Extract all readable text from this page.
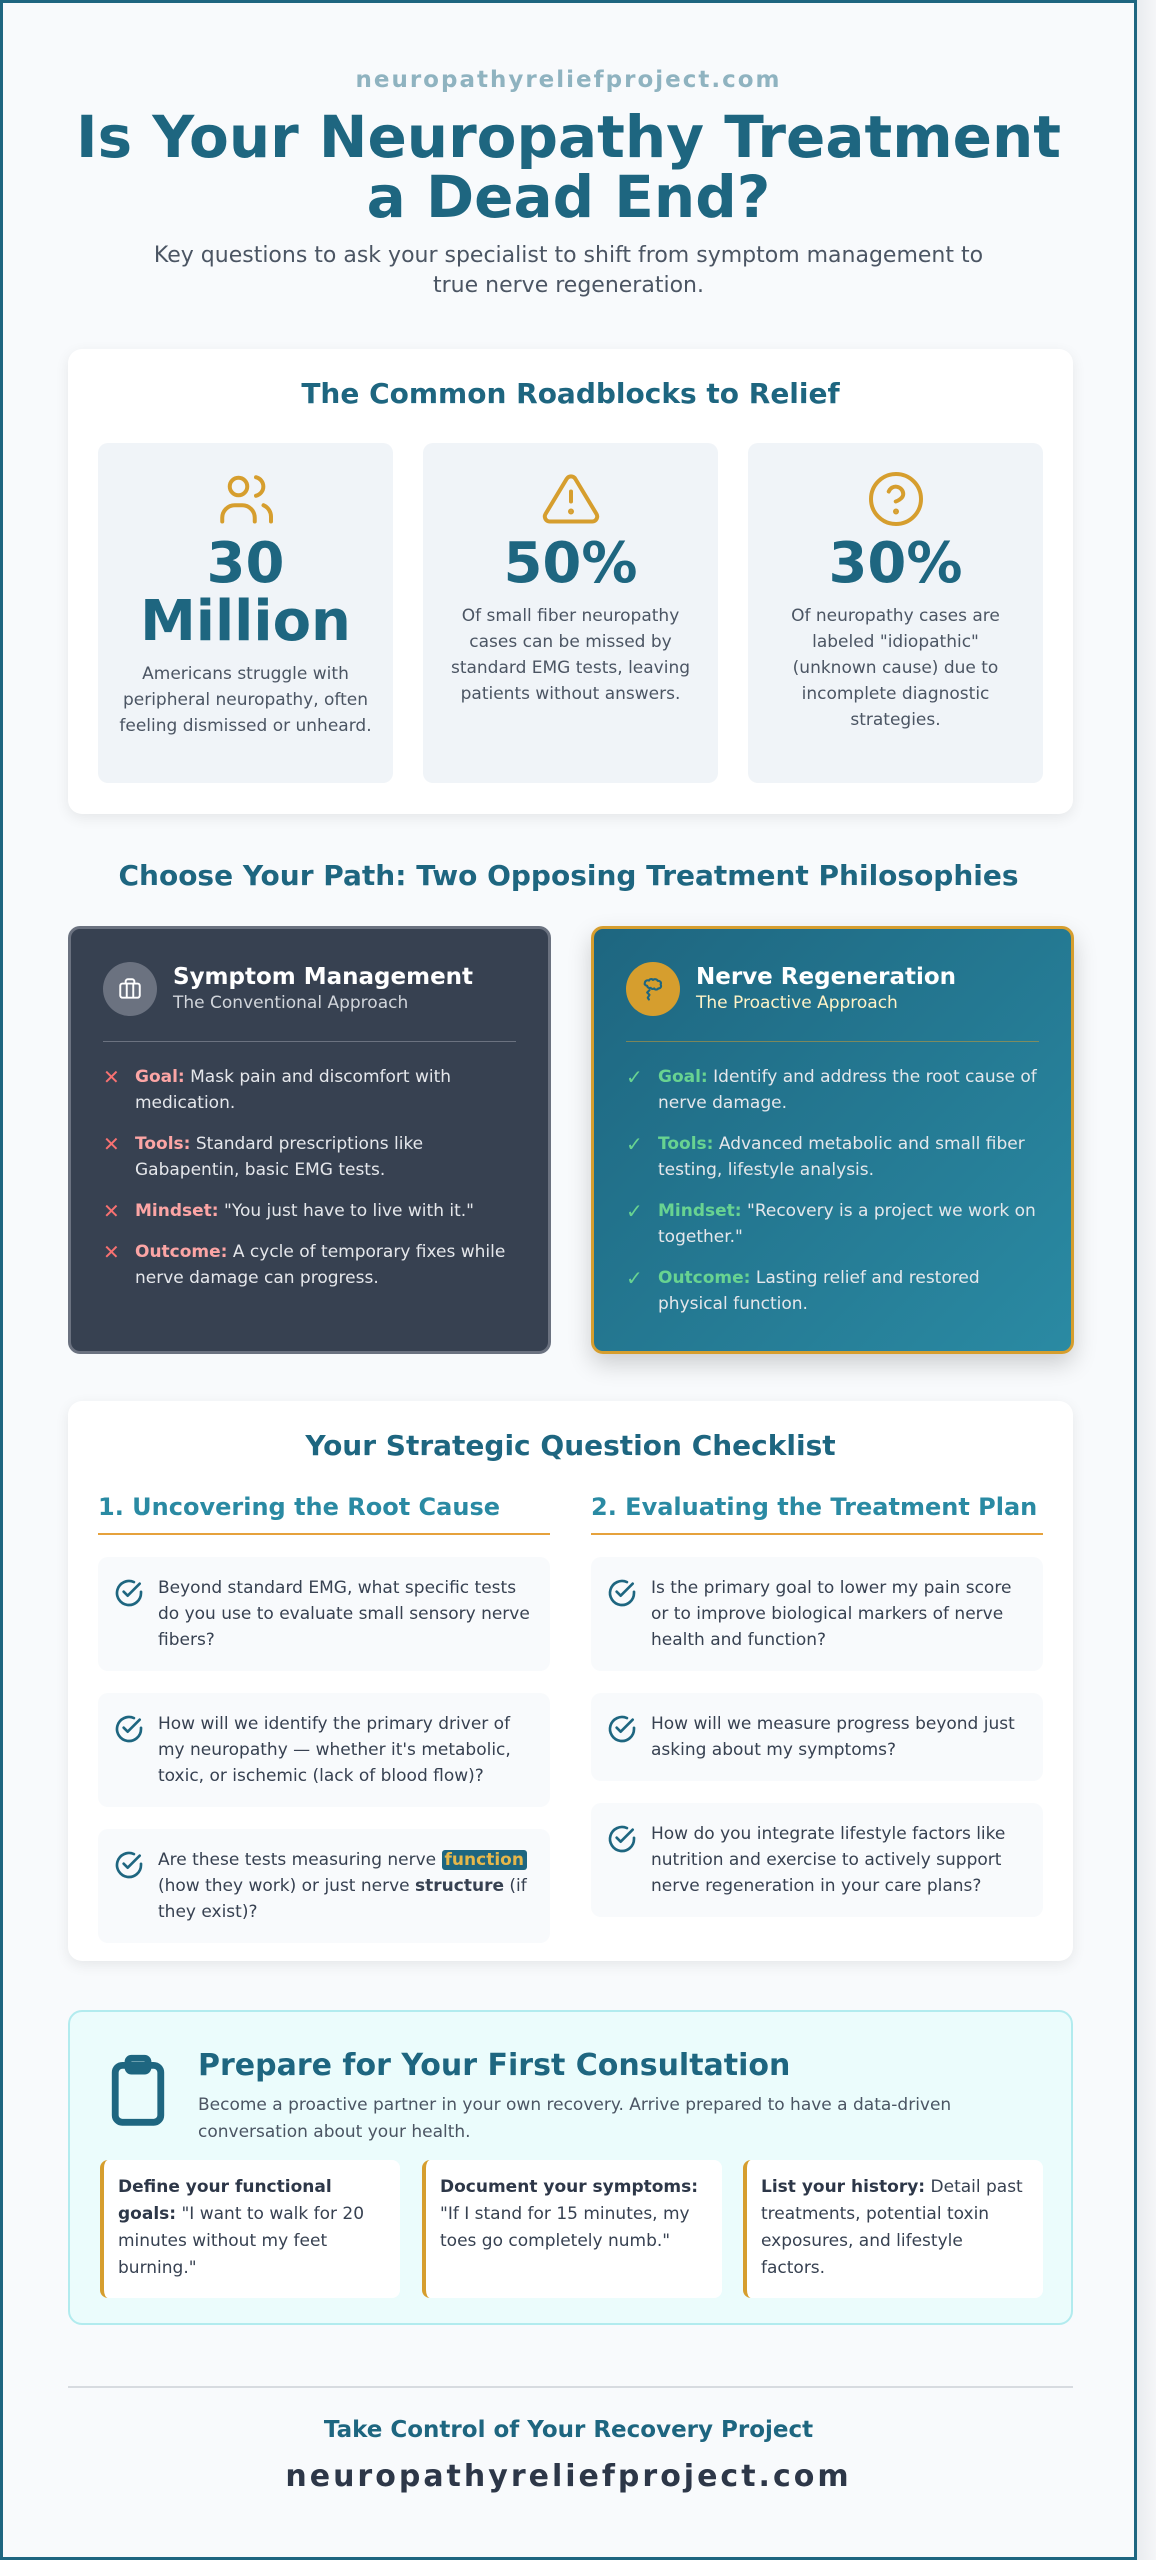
neuropathyreliefproject.com
Is Your Neuropathy Treatment
a Dead End?

Key questions to ask your specialist to shift from symptom management to true nerve regeneration.

The Common Roadblocks to Relief
30
Million

Americans struggle with peripheral neuropathy, often feeling dismissed or unheard.

50%

Of small fiber neuropathy cases can be missed by standard EMG tests, leaving patients without answers.

30%

Of neuropathy cases are labeled "idiopathic" (unknown cause) due to incomplete diagnostic strategies.

Choose Your Path: Two Opposing Treatment Philosophies
Symptom Management
The Conventional Approach
✕ Goal: Mask pain and discomfort with medication.
✕ Tools: Standard prescriptions like Gabapentin, basic EMG tests.
✕ Mindset: "You just have to live with it."
✕ Outcome: A cycle of temporary fixes while nerve damage can progress.
Nerve Regeneration
The Proactive Approach
✓ Goal: Identify and address the root cause of nerve damage.
✓ Tools: Advanced metabolic and small fiber testing, lifestyle analysis.
✓ Mindset: "Recovery is a project we work on together."
✓ Outcome: Lasting relief and restored physical function.
Your Strategic Question Checklist
1. Uncovering the Root Cause
Beyond standard EMG, what specific tests do you use to evaluate small sensory nerve fibers?
How will we identify the primary driver of my neuropathy — whether it's metabolic, toxic, or ischemic (lack of blood flow)?
Are these tests measuring nerve function (how they work) or just nerve structure (if they exist)?
2. Evaluating the Treatment Plan
Is the primary goal to lower my pain score or to improve biological markers of nerve health and function?
How will we measure progress beyond just asking about my symptoms?
How do you integrate lifestyle factors like nutrition and exercise to actively support nerve regeneration in your care plans?
Prepare for Your First Consultation

Become a proactive partner in your own recovery. Arrive prepared to have a data-driven conversation about your health.

Define your functional goals: "I want to walk for 20 minutes without my feet burning."
Document your symptoms: "If I stand for 15 minutes, my toes go completely numb."
List your history: Detail past treatments, potential toxin exposures, and lifestyle factors.
Take Control of Your Recovery Project
neuropathyreliefproject.com
